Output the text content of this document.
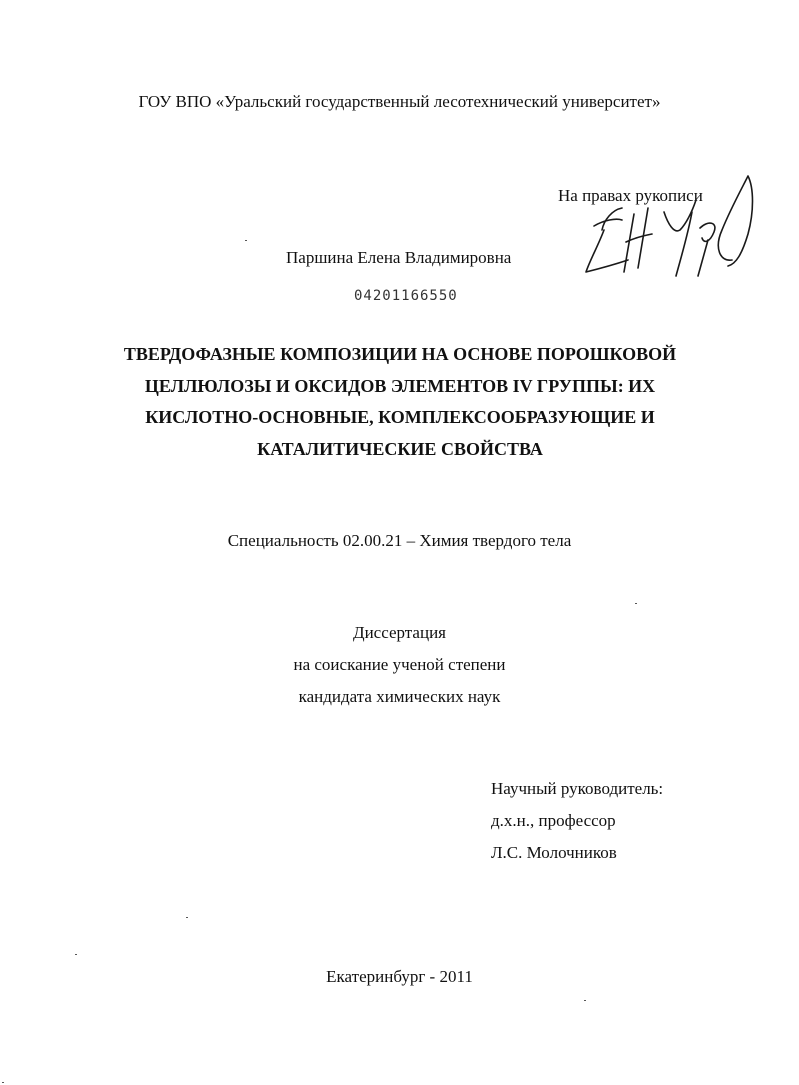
ГОУ ВПО «Уральский государственный лесотехнический университет»
На правах рукописи
Паршина Елена Владимировна
04201166550
ТВЕРДОФАЗНЫЕ КОМПОЗИЦИИ НА ОСНОВЕ ПОРОШКОВОЙ
ЦЕЛЛЮЛОЗЫ И ОКСИДОВ ЭЛЕМЕНТОВ IV ГРУППЫ: ИХ
КИСЛОТНО-ОСНОВНЫЕ, КОМПЛЕКСООБРАЗУЮЩИЕ И
КАТАЛИТИЧЕСКИЕ СВОЙСТВА
Специальность 02.00.21 – Химия твердого тела
Диссертация
на соискание ученой степени
кандидата химических наук
Научный руководитель:
д.х.н., профессор
Л.С. Молочников
Екатеринбург - 2011
